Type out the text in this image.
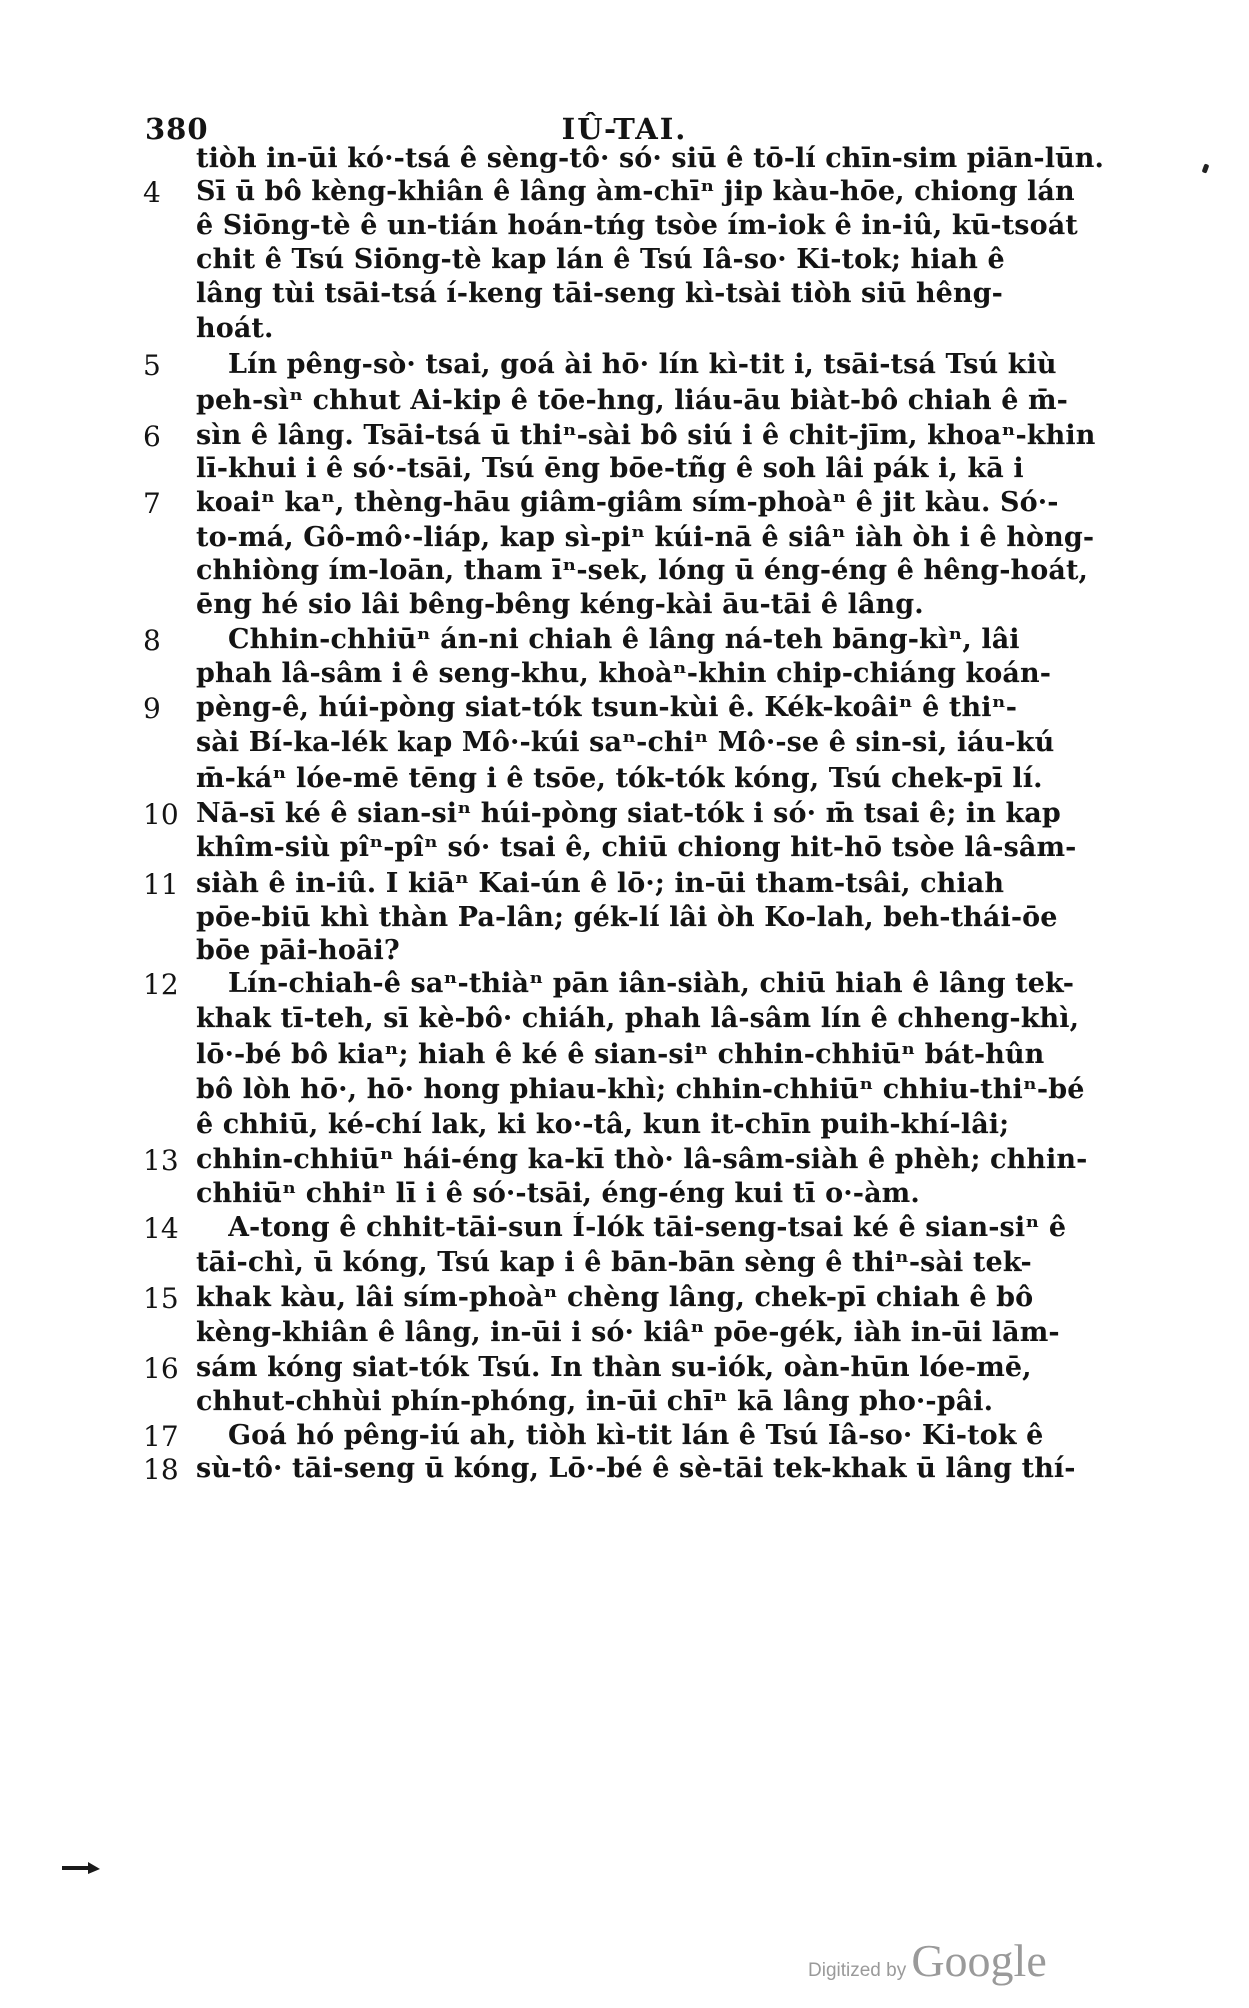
380	IÛ-TAI.
4
5
6
7
8
9
10
11
12
13
14
15
16
17
18
tiòh in-ūi kó·-tsá ê sèng-tô· só· siū ê tō-lí chīn-sim piān-lūn.
Sī ū bô kèng-khiân ê lâng àm-chīⁿ jip kàu-hōe, chiong lán
ê Siōng-tè ê un-tián hoán-tńg tsòe ím-iok ê in-iû, kū-tsoát
chit ê Tsú Siōng-tè kap lán ê Tsú Iâ-so· Ki-tok; hiah ê
lâng tùi tsāi-tsá í-keng tāi-seng kì-tsài tiòh siū hêng-
hoát.
Lín pêng-sò· tsai, goá ài hō· lín kì-tit i, tsāi-tsá Tsú kiù
peh-sìⁿ chhut Ai-kip ê tōe-hng, liáu-āu biàt-bô chiah ê m̄-
sìn ê lâng. Tsāi-tsá ū thiⁿ-sài bô siú i ê chit-jīm, khoaⁿ-khin
lī-khui i ê só·-tsāi, Tsú ēng bōe-tñg ê soh lâi pák i, kā i
koaiⁿ kaⁿ, thèng-hāu giâm-giâm sím-phoàⁿ ê jit kàu. Só·-
to-má, Gô-mô·-liáp, kap sì-piⁿ kúi-nā ê siâⁿ iàh òh i ê hòng-
chhiòng ím-loān, tham īⁿ-sek, lóng ū éng-éng ê hêng-hoát,
ēng hé sio lâi bêng-bêng kéng-kài āu-tāi ê lâng.
Chhin-chhiūⁿ án-ni chiah ê lâng ná-teh bāng-kìⁿ, lâi
phah lâ-sâm i ê seng-khu, khoàⁿ-khin chip-chiáng koán-
pèng-ê, húi-pòng siat-tók tsun-kùi ê. Kék-koâiⁿ ê thiⁿ-
sài Bí-ka-lék kap Mô·-kúi saⁿ-chiⁿ Mô·-se ê sin-si, iáu-kú
m̄-káⁿ lóe-mē tēng i ê tsōe, tók-tók kóng, Tsú chek-pī lí.
Nā-sī ké ê sian-siⁿ húi-pòng siat-tók i só· m̄ tsai ê; in kap
khîm-siù pîⁿ-pîⁿ só· tsai ê, chiū chiong hit-hō tsòe lâ-sâm-
siàh ê in-iû. I kiāⁿ Kai-ún ê lō·; in-ūi tham-tsâi, chiah
pōe-biū khì thàn Pa-lân; gék-lí lâi òh Ko-lah, beh-thái-ōe
bōe pāi-hoāi?
Lín-chiah-ê saⁿ-thiàⁿ pān iân-siàh, chiū hiah ê lâng tek-
khak tī-teh, sī kè-bô· chiáh, phah lâ-sâm lín ê chheng-khì,
lō·-bé bô kiaⁿ; hiah ê ké ê sian-siⁿ chhin-chhiūⁿ bát-hûn
bô lòh hō·, hō· hong phiau-khì; chhin-chhiūⁿ chhiu-thiⁿ-bé
ê chhiū, ké-chí lak, ki ko·-tâ, kun it-chīn puih-khí-lâi;
chhin-chhiūⁿ hái-éng ka-kī thò· lâ-sâm-siàh ê phèh; chhin-
chhiūⁿ chhiⁿ lī i ê só·-tsāi, éng-éng kui tī o·-àm.
A-tong ê chhit-tāi-sun Í-lók tāi-seng-tsai ké ê sian-siⁿ ê
tāi-chì, ū kóng, Tsú kap i ê bān-bān sèng ê thiⁿ-sài tek-
khak kàu, lâi sím-phoàⁿ chèng lâng, chek-pī chiah ê bô
kèng-khiân ê lâng, in-ūi i só· kiâⁿ pōe-gék, iàh in-ūi lām-
sám kóng siat-tók Tsú. In thàn su-iók, oàn-hūn lóe-mē,
chhut-chhùi phín-phóng, in-ūi chīⁿ kā lâng pho·-pâi.
Goá hó pêng-iú ah, tiòh kì-tit lán ê Tsú Iâ-so· Ki-tok ê
sù-tô· tāi-seng ū kóng, Lō·-bé ê sè-tāi tek-khak ū lâng thí-
Digitized by Google
